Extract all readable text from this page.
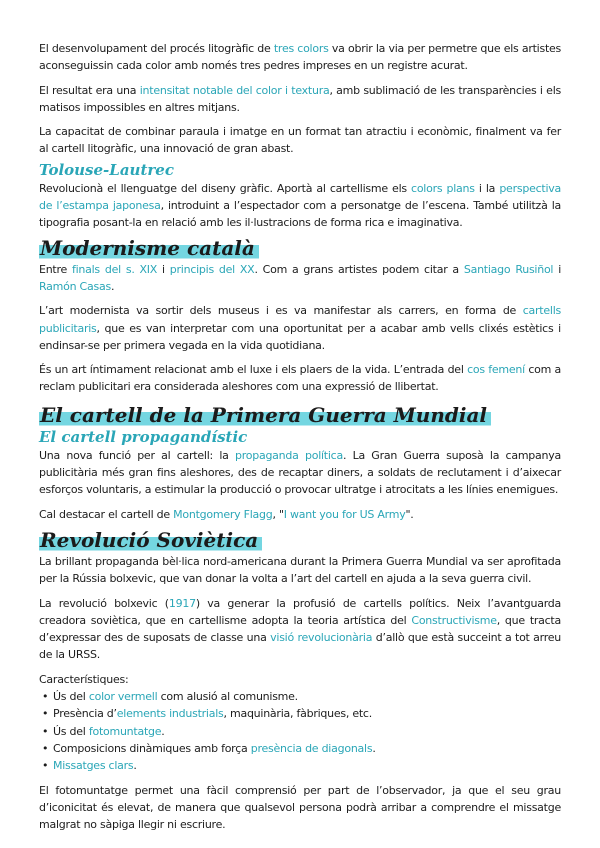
El desenvolupament del procés litogràfic de tres colors va obrir la via per permetre que els artistes aconseguissin cada color amb només tres pedres impreses en un registre acurat.

El resultat era una intensitat notable del color i textura, amb sublimació de les transparències i els matisos impossibles en altres mitjans.

La capacitat de combinar paraula i imatge en un format tan atractiu i econòmic, finalment va fer al cartell litogràfic, una innovació de gran abast.

Tolouse-Lautrec

Revolucionà el llenguatge del diseny gràfic. Aportà al cartellisme els colors plans i la perspectiva de l’estampa japonesa, introduint a l’espectador com a personatge de l’escena. També utilitzà la tipografia posant-la en relació amb les il·lustracions de forma rica e imaginativa.

Modernisme català

Entre finals del s. XIX i principis del XX. Com a grans artistes podem citar a Santiago Rusiñol i Ramón Casas.

L’art modernista va sortir dels museus i es va manifestar als carrers, en forma de cartells publicitaris, que es van interpretar com una oportunitat per a acabar amb vells clixés estètics i endinsar-se per primera vegada en la vida quotidiana.

És un art íntimament relacionat amb el luxe i els plaers de la vida. L’entrada del cos femení com a reclam publicitari era considerada aleshores com una expressió de llibertat.

El cartell de la Primera Guerra Mundial
El cartell propagandístic

Una nova funció per al cartell: la propaganda política. La Gran Guerra suposà la campanya publicitària més gran fins aleshores, des de recaptar diners, a soldats de reclutament i d’aixecar esforços voluntaris, a estimular la producció o provocar ultratge i atrocitats a les línies enemigues.

Cal destacar el cartell de Montgomery Flagg, "I want you for US Army".

Revolució Soviètica

La brillant propaganda bèl·lica nord-americana durant la Primera Guerra Mundial va ser aprofitada per la Rússia bolxevic, que van donar la volta a l’art del cartell en ajuda a la seva guerra civil.

La revolució bolxevic (1917) va generar la profusió de cartells polítics. Neix l’avantguarda creadora soviètica, que en cartellisme adopta la teoria artística del Constructivisme, que tracta d’expressar des de suposats de classe una visió revolucionària d’allò que està succeint a tot arreu de la URSS.

Característiques:

• Ús del color vermell com alusió al comunisme.
• Presència d’elements industrials, maquinària, fàbriques, etc.
• Ús del fotomuntatge.
• Composicions dinàmiques amb força presència de diagonals.
• Missatges clars.

El fotomuntatge permet una fàcil comprensió per part de l’observador, ja que el seu grau d’iconicitat és elevat, de manera que qualsevol persona podrà arribar a comprendre el missatge malgrat no sàpiga llegir ni escriure.
